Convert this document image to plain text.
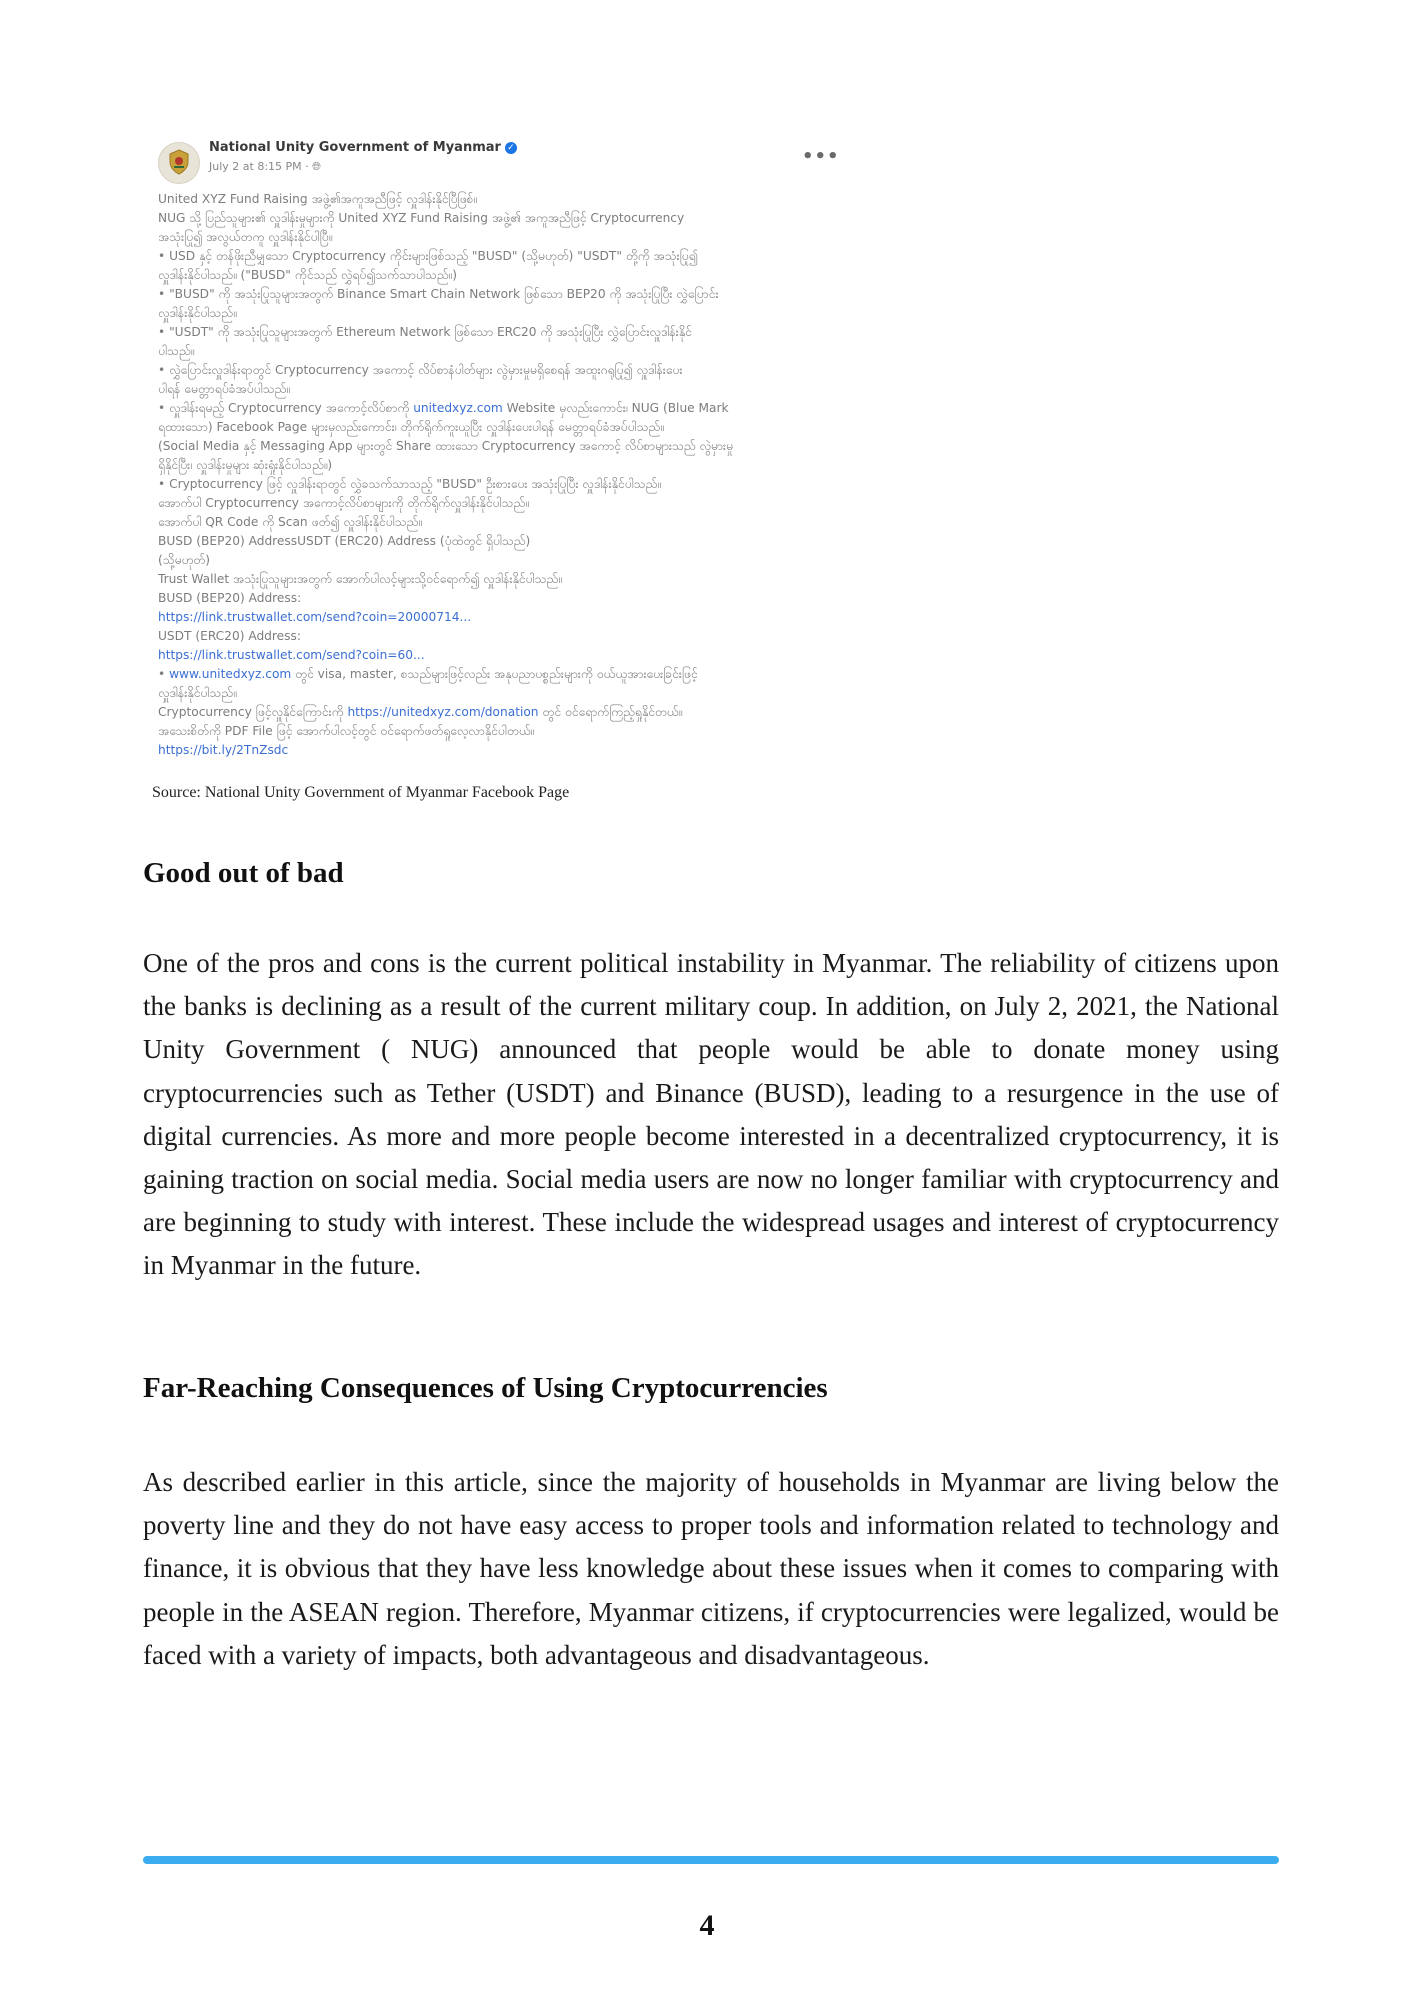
National Unity Government of Myanmar ✓
July 2 at 8:15 PM · 🌐︎	•••
United XYZ Fund Raising အဖွဲ့၏အကူအညီဖြင့် လှူဒါန်းနိုင်ပြီဖြစ်။
NUG သို့ ပြည်သူများ၏ လှူဒါန်းမှုများကို United XYZ Fund Raising အဖွဲ့၏ အကူအညီဖြင့် Cryptocurrency
အသုံးပြု၍ အလွယ်တကူ လှူဒါန်းနိုင်ပါပြီ။
• USD နှင့် တန်ဖိုးညီမျှသော Cryptocurrency ကိုင်းများဖြစ်သည့် "BUSD" (သို့မဟုတ်) "USDT" တို့ကို အသုံးပြု၍
လှူဒါန်းနိုင်ပါသည်။ ("BUSD" ကိုင်သည် လွှဲရပ်၍သက်သာပါသည်။)
• "BUSD" ကို အသုံးပြုသူများအတွက် Binance Smart Chain Network ဖြစ်သော BEP20 ကို အသုံးပြုပြီး လွှဲပြောင်း
လှူဒါန်းနိုင်ပါသည်။
• "USDT" ကို အသုံးပြုသူများအတွက် Ethereum Network ဖြစ်သော ERC20 ကို အသုံးပြုပြီး လွှဲပြောင်းလှူဒါန်းနိုင်
ပါသည်။
• လွှဲပြောင်းလှူဒါန်းရာတွင် Cryptocurrency အကောင့် လိပ်စာနံပါတ်များ လွဲမှားမှုမရှိစေရန် အထူးဂရုပြု၍ လှူဒါန်းပေး
ပါရန် မေတ္တာရပ်ခံအပ်ပါသည်။
• လှူဒါန်းရမည့် Cryptocurrency အကောင့်လိပ်စာကို unitedxyz.com Website မှလည်းကောင်း၊ NUG (Blue Mark
ရထားသော) Facebook Page များမှလည်းကောင်း၊ တိုက်ရိုက်ကူးယူပြီး လှူဒါန်းပေးပါရန် မေတ္တာရပ်ခံအပ်ပါသည်။
(Social Media နှင့် Messaging App များတွင် Share ထားသော Cryptocurrency အကောင့် လိပ်စာများသည် လွဲမှားမှု
ရှိနိုင်ပြီး၊ လှူဒါန်းမှုများ ဆုံးရှုံးနိုင်ပါသည်။)
• Cryptocurrency ဖြင့် လှူဒါန်းရာတွင် လွှဲခသက်သာသည့် "BUSD" ဦးစားပေး အသုံးပြုပြီး လှူဒါန်းနိုင်ပါသည်။
အောက်ပါ Cryptocurrency အကောင့်လိပ်စာများကို တိုက်ရိုက်လှူဒါန်းနိုင်ပါသည်။
အောက်ပါ QR Code ကို Scan ဖတ်၍ လှူဒါန်းနိုင်ပါသည်။
BUSD (BEP20) AddressUSDT (ERC20) Address (ပုံထဲတွင် ရှိပါသည်)
(သို့မဟုတ်)
Trust Wallet အသုံးပြုသူများအတွက် အောက်ပါလင့်များသို့ဝင်ရောက်၍ လှူဒါန်းနိုင်ပါသည်။
BUSD (BEP20) Address:
https://link.trustwallet.com/send?coin=20000714...
USDT (ERC20) Address:
https://link.trustwallet.com/send?coin=60...
• www.unitedxyz.com တွင် visa, master, စသည်များဖြင့်လည်း အနုပညာပစ္စည်းများကို ဝယ်ယူအားပေးခြင်းဖြင့်
လှူဒါန်းနိုင်ပါသည်။
Cryptocurrency ဖြင့်လှူနိုင်ကြောင်းကို https://unitedxyz.com/donation တွင် ဝင်ရောက်ကြည့်ရှုနိုင်တယ်။
အသေးစိတ်ကို PDF File ဖြင့် အောက်ပါလင့်တွင် ဝင်ရောက်ဖတ်ရှုလေ့လာနိုင်ပါတယ်။
https://bit.ly/2TnZsdc
Source: National Unity Government of Myanmar Facebook Page
Good out of bad

One of the pros and cons is the current political instability in Myanmar. The reliability of citizens upon the banks is declining as a result of the current military coup. In addition, on July 2, 2021, the National Unity Government ( NUG) announced that people would be able to donate money using cryptocurrencies such as Tether (USDT) and Binance (BUSD), leading to a resurgence in the use of digital currencies. As more and more people become interested in a decentralized cryptocurrency, it is gaining traction on social media. Social media users are now no longer familiar with cryptocurrency and are beginning to study with interest. These include the widespread usages and interest of cryptocurrency in Myanmar in the future.

Far-Reaching Consequences of Using Cryptocurrencies

As described earlier in this article, since the majority of households in Myanmar are living below the poverty line and they do not have easy access to proper tools and information related to technology and finance, it is obvious that they have less knowledge about these issues when it comes to comparing with people in the ASEAN region. Therefore, Myanmar citizens, if cryptocurrencies were legalized, would be faced with a variety of impacts, both advantageous and disadvantageous.

4
